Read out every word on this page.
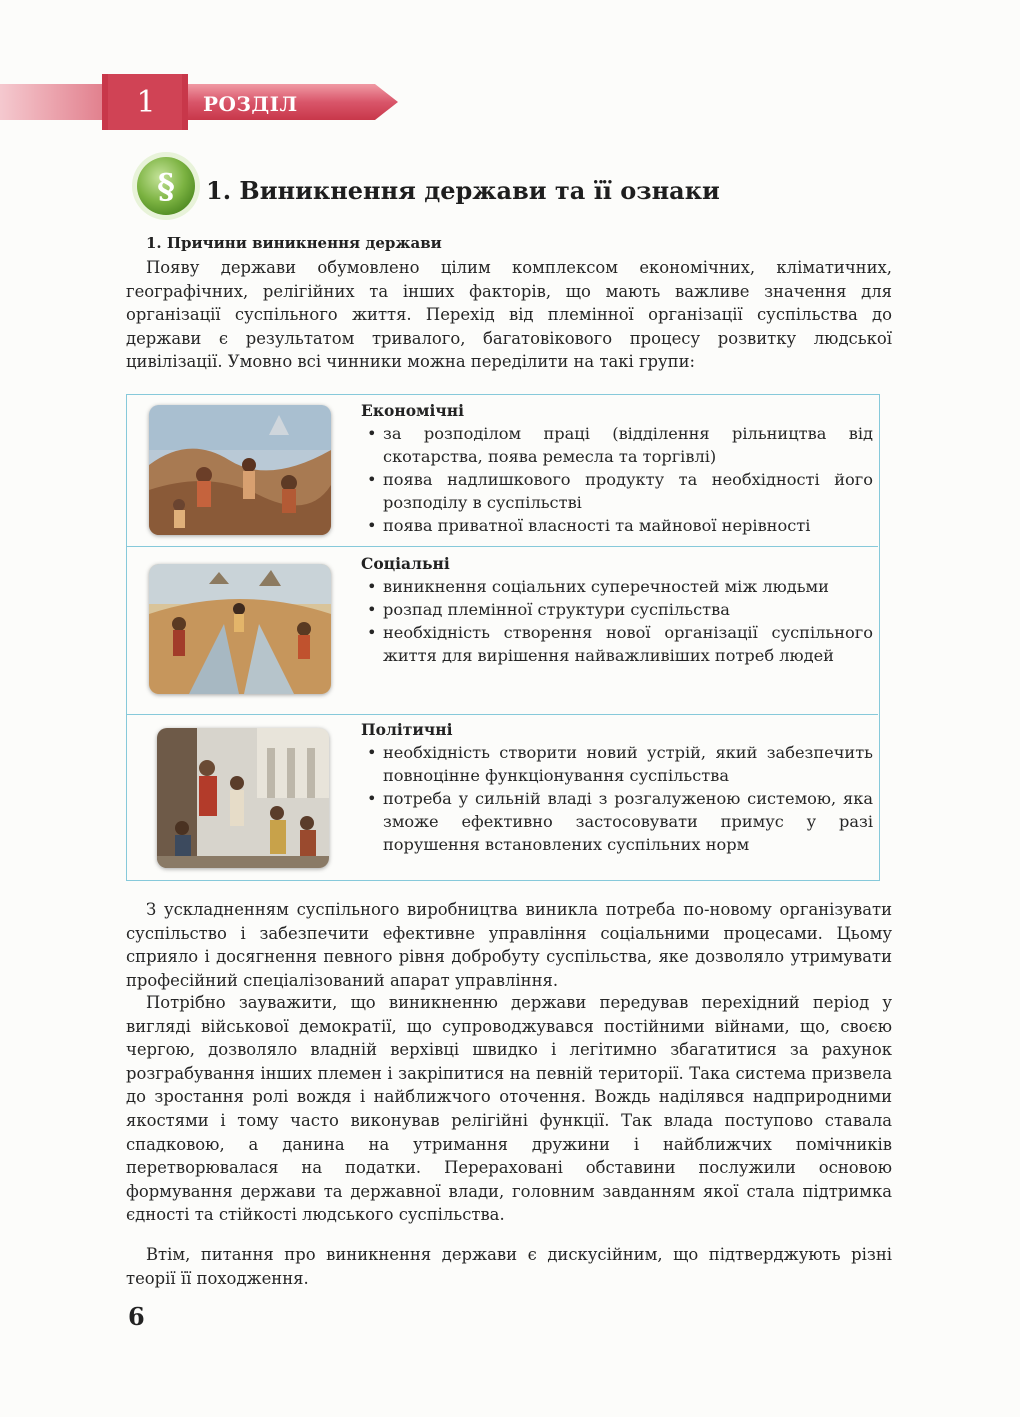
1	РОЗДІЛ
§ 1. Виникнення держави та її ознаки
1. Причини виникнення держави
Появу держави обумовлено цілим комплексом економічних, кліматичних, географічних, релігійних та інших факторів, що мають важливе значення для організації суспільного життя. Перехід від племінної організації суспільства до держави є результатом тривалого, багатовікового процесу розвитку людської цивілізації. Умовно всі чинники можна переділити на такі групи:
Економічні
• за розподілом праці (відділення рільництва від скотарства, поява ремесла та торгівлі)
• поява надлишкового продукту та необхідності його розподілу в суспільстві
• поява приватної власності та майнової нерівності
Соціальні
• виникнення соціальних суперечностей між людьми
• розпад племінної структури суспільства
• необхідність створення нової організації суспільного життя для вирішення найважливіших потреб людей
Політичні
• необхідність створити новий устрій, який забезпечить повноцінне функціонування суспільства
• потреба у сильній владі з розгалуженою системою, яка зможе ефективно застосовувати примус у разі порушення встановлених суспільних норм
З ускладненням суспільного виробництва виникла потреба по-новому організувати суспільство і забезпечити ефективне управління соціальними процесами. Цьому сприяло і досягнення певного рівня добробуту суспільства, яке дозволяло утримувати професійний спеціалізований апарат управління.
Потрібно зауважити, що виникненню держави передував перехідний період у вигляді військової демократії, що супроводжувався постійними війнами, що, своєю чергою, дозволяло владній верхівці швидко і легітимно збагатитися за рахунок розграбування інших племен і закріпитися на певній території. Така система призвела до зростання ролі вождя і найближчого оточення. Вождь наділявся надприродними якостями і тому часто виконував релігійні функції. Так влада поступово ставала спадковою, а данина на утримання дружини і найближчих помічників перетворювалася на податки. Перераховані обставини послужили основою формування держави та державної влади, головним завданням якої стала підтримка єдності та стійкості людського суспільства.
Втім, питання про виникнення держави є дискусійним, що підтверджують різні теорії її походження.
6
